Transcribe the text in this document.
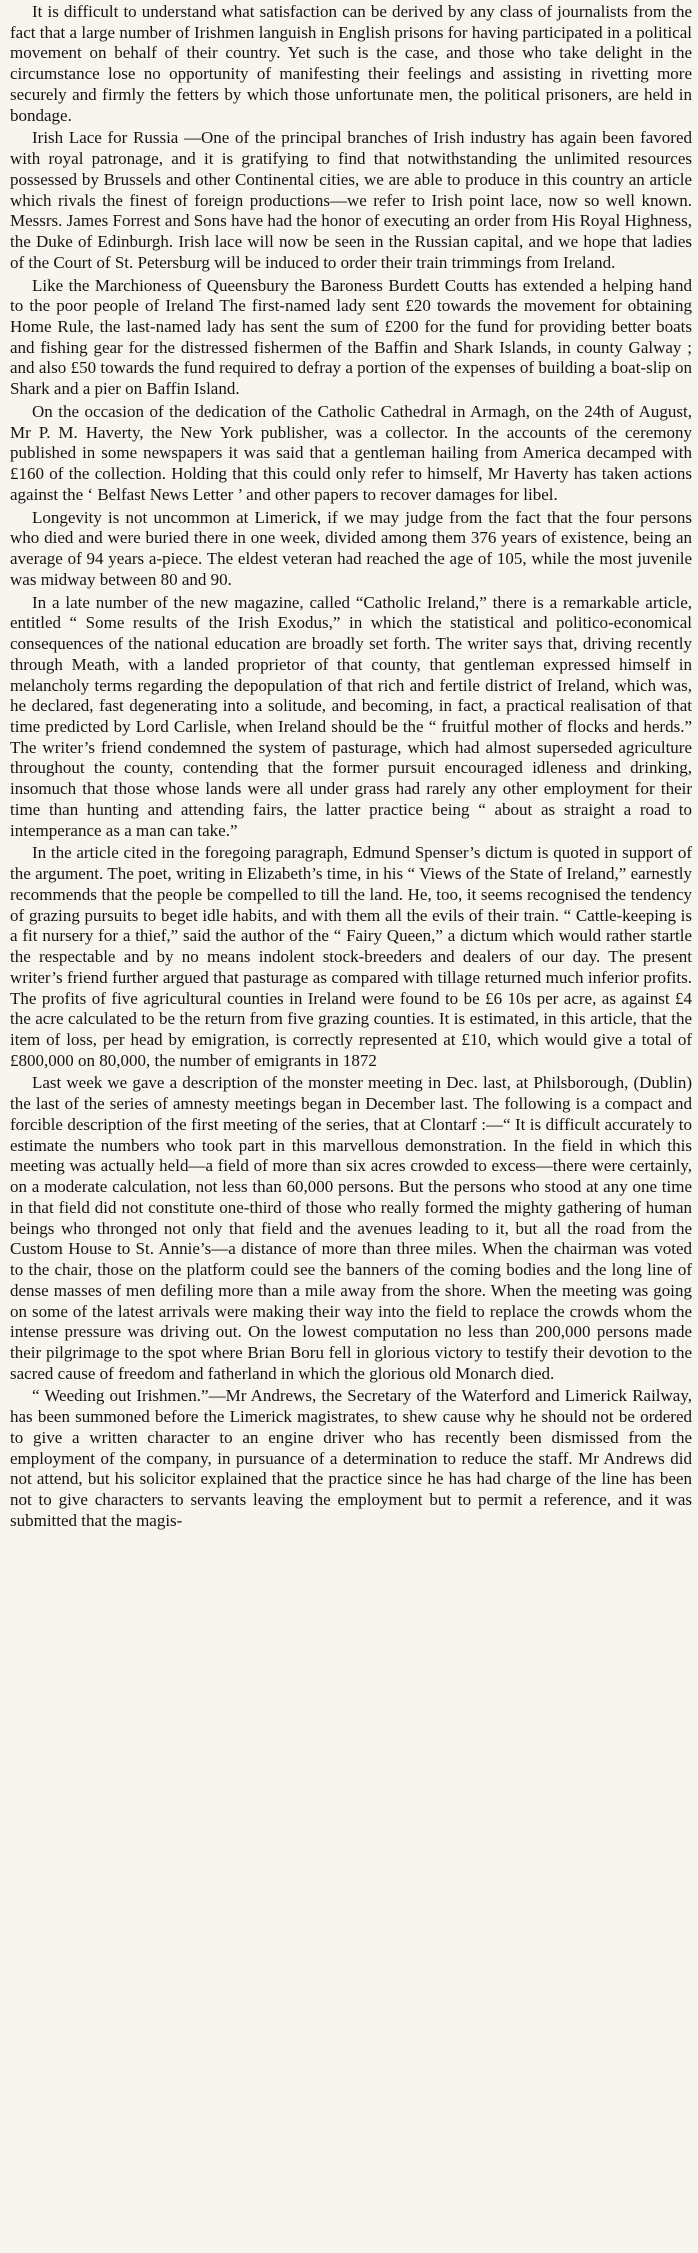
It is difficult to understand what satisfaction can be derived by any class of journalists from the fact that a large number of Irishmen languish in English prisons for having participated in a political movement on behalf of their country. Yet such is the case, and those who take delight in the circumstance lose no opportunity of manifesting their feelings and assisting in rivetting more securely and firmly the fetters by which those unfortunate men, the political prisoners, are held in bondage.

Irish Lace for Russia —One of the principal branches of Irish industry has again been favored with royal patronage, and it is gratifying to find that notwithstanding the unlimited resources possessed by Brussels and other Continental cities, we are able to produce in this country an article which rivals the finest of foreign productions—we refer to Irish point lace, now so well known. Messrs. James Forrest and Sons have had the honor of executing an order from His Royal Highness, the Duke of Edinburgh. Irish lace will now be seen in the Russian capital, and we hope that ladies of the Court of St. Petersburg will be induced to order their train trimmings from Ireland.

Like the Marchioness of Queensbury the Baroness Burdett Coutts has extended a helping hand to the poor people of Ireland The first-named lady sent £20 towards the movement for obtaining Home Rule, the last-named lady has sent the sum of £200 for the fund for providing better boats and fishing gear for the distressed fishermen of the Baffin and Shark Islands, in county Galway ; and also £50 towards the fund required to defray a portion of the expenses of building a boat-slip on Shark and a pier on Baffin Island.

On the occasion of the dedication of the Catholic Cathedral in Armagh, on the 24th of August, Mr P. M. Haverty, the New York publisher, was a collector. In the accounts of the ceremony published in some newspapers it was said that a gentleman hailing from America decamped with £160 of the collection. Holding that this could only refer to himself, Mr Haverty has taken actions against the ‘ Belfast News Letter ’ and other papers to recover damages for libel.

Longevity is not uncommon at Limerick, if we may judge from the fact that the four persons who died and were buried there in one week, divided among them 376 years of existence, being an average of 94 years a-piece. The eldest veteran had reached the age of 105, while the most juvenile was midway between 80 and 90.

In a late number of the new magazine, called “Catholic Ireland,” there is a remarkable article, entitled “ Some results of the Irish Exodus,” in which the statistical and politico-economical consequences of the national education are broadly set forth. The writer says that, driving recently through Meath, with a landed proprietor of that county, that gentleman expressed himself in melancholy terms regarding the depopulation of that rich and fertile district of Ireland, which was, he declared, fast degenerating into a solitude, and becoming, in fact, a practical realisation of that time predicted by Lord Carlisle, when Ireland should be the “ fruitful mother of flocks and herds.” The writer’s friend condemned the system of pasturage, which had almost superseded agriculture throughout the county, contending that the former pursuit encouraged idleness and drinking, insomuch that those whose lands were all under grass had rarely any other employment for their time than hunting and attending fairs, the latter practice being “ about as straight a road to intemperance as a man can take.”

In the article cited in the foregoing paragraph, Edmund Spenser’s dictum is quoted in support of the argument. The poet, writing in Elizabeth’s time, in his “ Views of the State of Ireland,” earnestly recommends that the people be compelled to till the land. He, too, it seems recognised the tendency of grazing pursuits to beget idle habits, and with them all the evils of their train. “ Cattle-keeping is a fit nursery for a thief,” said the author of the “ Fairy Queen,” a dictum which would rather startle the respectable and by no means indolent stock-breeders and dealers of our day. The present writer’s friend further argued that pasturage as compared with tillage returned much inferior profits. The profits of five agricultural counties in Ireland were found to be £6 10s per acre, as against £4 the acre calculated to be the return from five grazing counties. It is estimated, in this article, that the item of loss, per head by emigration, is correctly represented at £10, which would give a total of £800,000 on 80,000, the number of emigrants in 1872

Last week we gave a description of the monster meeting in Dec. last, at Philsborough, (Dublin) the last of the series of amnesty meetings began in December last. The following is a compact and forcible description of the first meeting of the series, that at Clontarf :—“ It is difficult accurately to estimate the numbers who took part in this marvellous demonstration. In the field in which this meeting was actually held—a field of more than six acres crowded to excess—there were certainly, on a moderate calculation, not less than 60,000 persons. But the persons who stood at any one time in that field did not constitute one-third of those who really formed the mighty gathering of human beings who thronged not only that field and the avenues leading to it, but all the road from the Custom House to St. Annie’s—a distance of more than three miles. When the chairman was voted to the chair, those on the platform could see the banners of the coming bodies and the long line of dense masses of men defiling more than a mile away from the shore. When the meeting was going on some of the latest arrivals were making their way into the field to replace the crowds whom the intense pressure was driving out. On the lowest computation no less than 200,000 persons made their pilgrimage to the spot where Brian Boru fell in glorious victory to testify their devotion to the sacred cause of freedom and fatherland in which the glorious old Monarch died.

“ Weeding out Irishmen.”—Mr Andrews, the Secretary of the Waterford and Limerick Railway, has been summoned before the Limerick magistrates, to shew cause why he should not be ordered to give a written character to an engine driver who has recently been dismissed from the employment of the company, in pursuance of a determination to reduce the staff. Mr Andrews did not attend, but his solicitor explained that the practice since he has had charge of the line has been not to give characters to servants leaving the employment but to permit a reference, and it was submitted that the magis-
